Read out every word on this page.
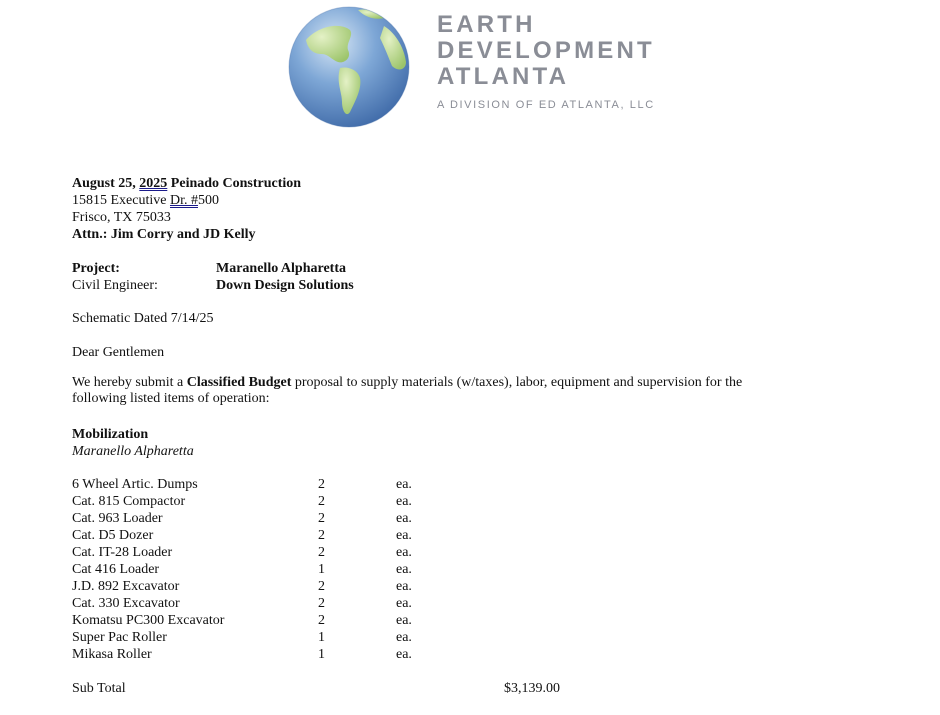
EARTH
DEVELOPMENT
ATLANTA
A DIVISION OF ED ATLANTA, LLC
August 25, 2025 Peinado Construction
15815 Executive Dr. #500
Frisco, TX 75033
Attn.: Jim Corry and JD Kelly
Project:	Maranello Alpharetta
Civil Engineer:	Down Design Solutions
Schematic Dated 7/14/25
Dear Gentlemen
We hereby submit a Classified Budget proposal to supply materials (w/taxes), labor, equipment and supervision for the following listed items of operation:
Mobilization
Maranello Alpharetta
6 Wheel Artic. Dumps	2	ea.
Cat. 815 Compactor	2	ea.
Cat. 963 Loader	2	ea.
Cat. D5 Dozer	2	ea.
Cat. IT-28 Loader	2	ea.
Cat 416 Loader	1	ea.
J.D. 892 Excavator	2	ea.
Cat. 330 Excavator	2	ea.
Komatsu PC300 Excavator	2	ea.
Super Pac Roller	1	ea.
Mikasa Roller	1	ea.
Sub Total	$3,139.00
